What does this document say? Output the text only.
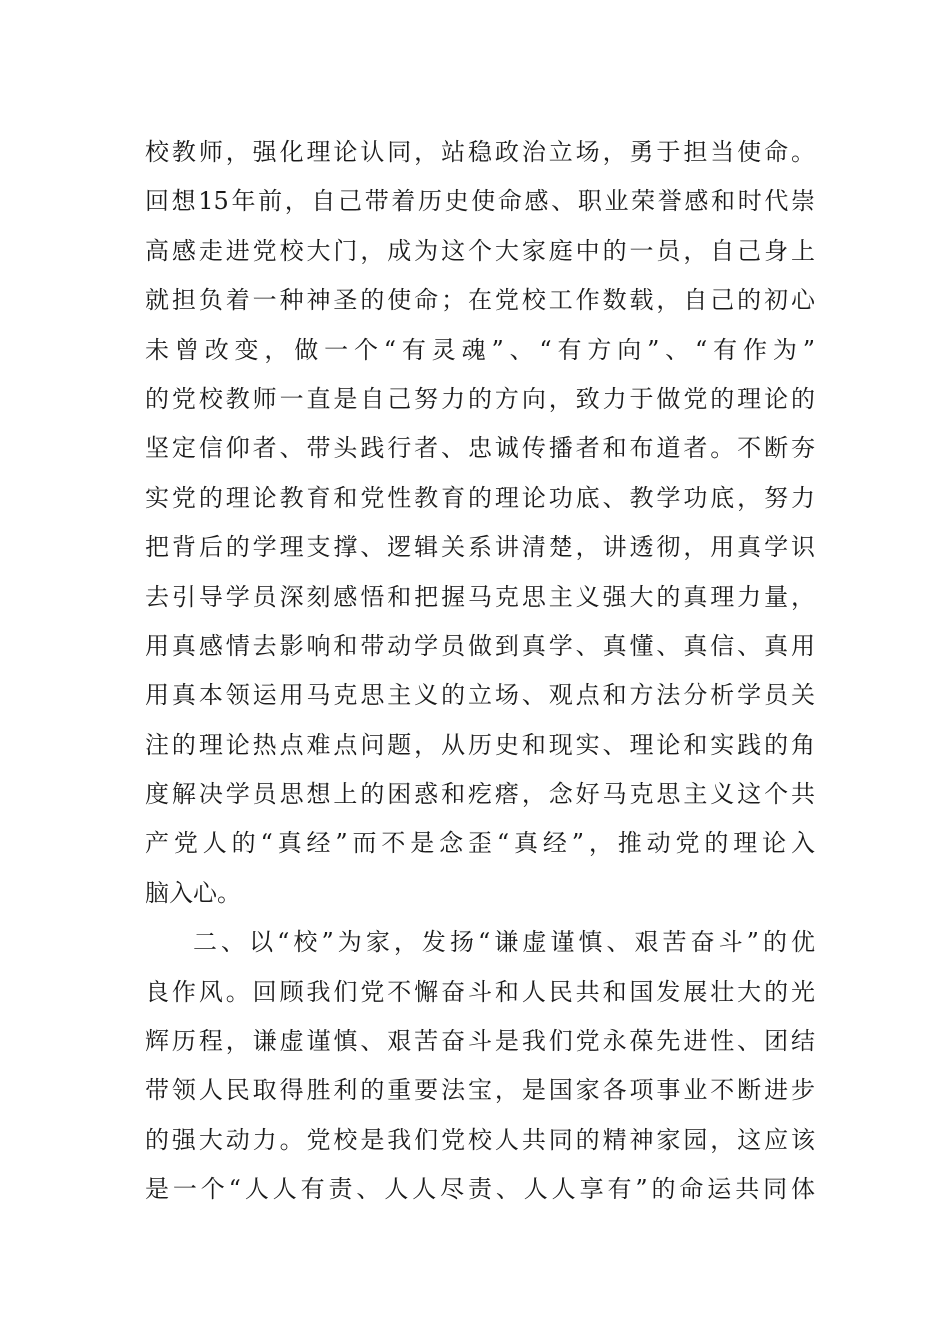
校教师，强化理论认同，站稳政治立场，勇于担当使命。
回想15年前，自己带着历史使命感、职业荣誉感和时代崇
高感走进党校大门，成为这个大家庭中的一员，自己身上
就担负着一种神圣的使命；在党校工作数载，自己的初心
未曾改变，做一个“有灵魂”、“有方向”、“有作为”
的党校教师一直是自己努力的方向，致力于做党的理论的
坚定信仰者、带头践行者、忠诚传播者和布道者。不断夯
实党的理论教育和党性教育的理论功底、教学功底，努力
把背后的学理支撑、逻辑关系讲清楚，讲透彻，用真学识
去引导学员深刻感悟和把握马克思主义强大的真理力量，
用真感情去影响和带动学员做到真学、真懂、真信、真用
用真本领运用马克思主义的立场、观点和方法分析学员关
注的理论热点难点问题，从历史和现实、理论和实践的角
度解决学员思想上的困惑和疙瘩，念好马克思主义这个共
产党人的“真经”而不是念歪“真经”，推动党的理论入
脑入心。
二、以“校”为家，发扬“谦虚谨慎、艰苦奋斗”的优
良作风。回顾我们党不懈奋斗和人民共和国发展壮大的光
辉历程，谦虚谨慎、艰苦奋斗是我们党永葆先进性、团结
带领人民取得胜利的重要法宝，是国家各项事业不断进步
的强大动力。党校是我们党校人共同的精神家园，这应该
是一个“人人有责、人人尽责、人人享有”的命运共同体
